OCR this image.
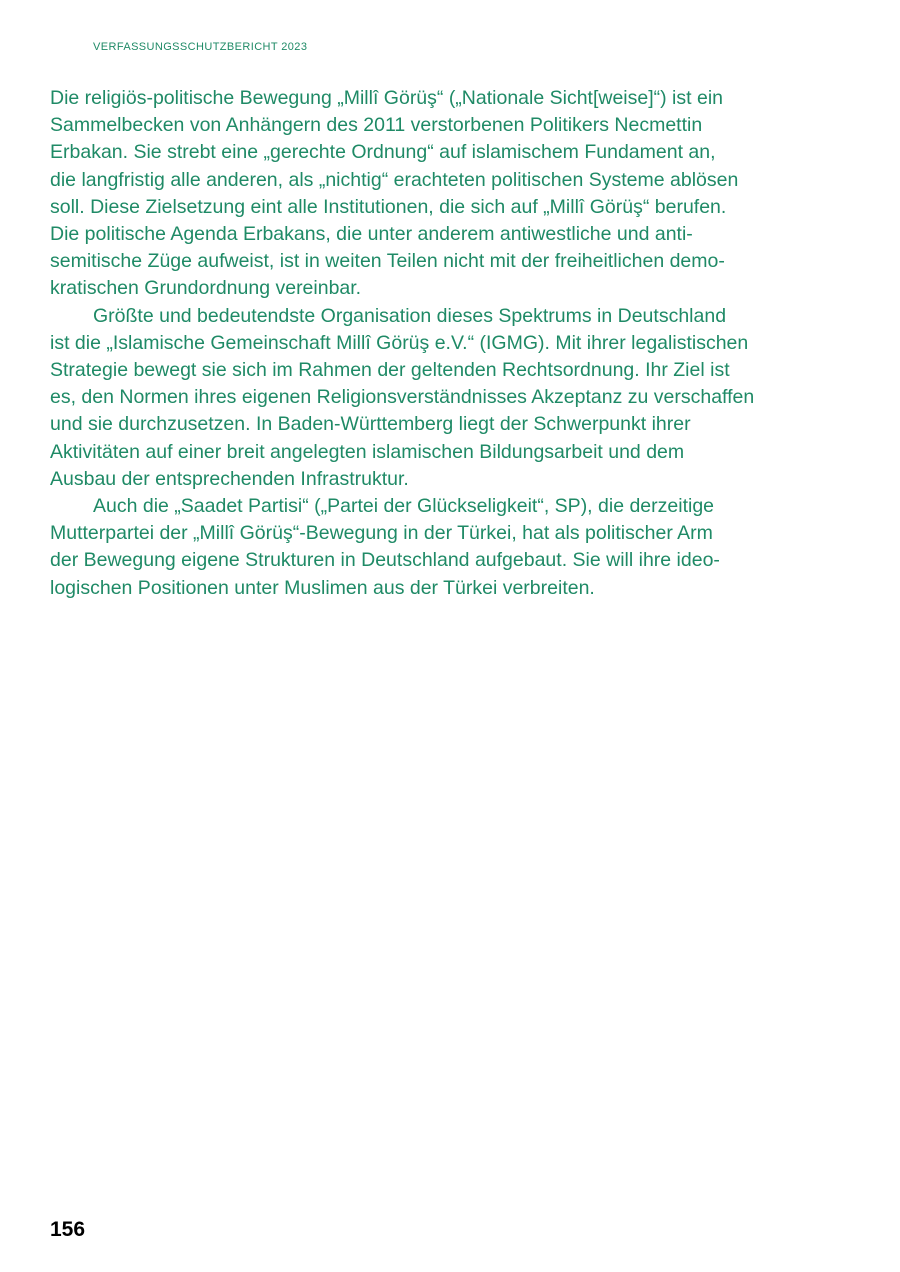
VERFASSUNGSSCHUTZBERICHT 2023
Die religiös-politische Bewegung „Millî Görüş“ („Nationale Sicht[weise]“) ist ein
Sammelbecken von Anhängern des 2011 verstorbenen Politikers Necmettin
Erbakan. Sie strebt eine „gerechte Ordnung“ auf islamischem Fundament an,
die langfristig alle anderen, als „nichtig“ erachteten politischen Systeme ablösen
soll. Diese Zielsetzung eint alle Institutionen, die sich auf „Millî Görüş“ berufen.
Die politische Agenda Erbakans, die unter anderem antiwestliche und anti-
semitische Züge aufweist, ist in weiten Teilen nicht mit der freiheitlichen demo-
kratischen Grundordnung vereinbar.
Größte und bedeutendste Organisation dieses Spektrums in Deutschland
ist die „Islamische Gemeinschaft Millî Görüş e.V.“ (IGMG). Mit ihrer legalistischen
Strategie bewegt sie sich im Rahmen der geltenden Rechtsordnung. Ihr Ziel ist
es, den Normen ihres eigenen Religionsverständnisses Akzeptanz zu verschaffen
und sie durchzusetzen. In Baden-Württemberg liegt der Schwerpunkt ihrer
Aktivitäten auf einer breit angelegten islamischen Bildungsarbeit und dem
Ausbau der entsprechenden Infrastruktur.
Auch die „Saadet Partisi“ („Partei der Glückseligkeit“, SP), die derzeitige
Mutterpartei der „Millî Görüş“-Bewegung in der Türkei, hat als politischer Arm
der Bewegung eigene Strukturen in Deutschland aufgebaut. Sie will ihre ideo-
logischen Positionen unter Muslimen aus der Türkei verbreiten.
156
